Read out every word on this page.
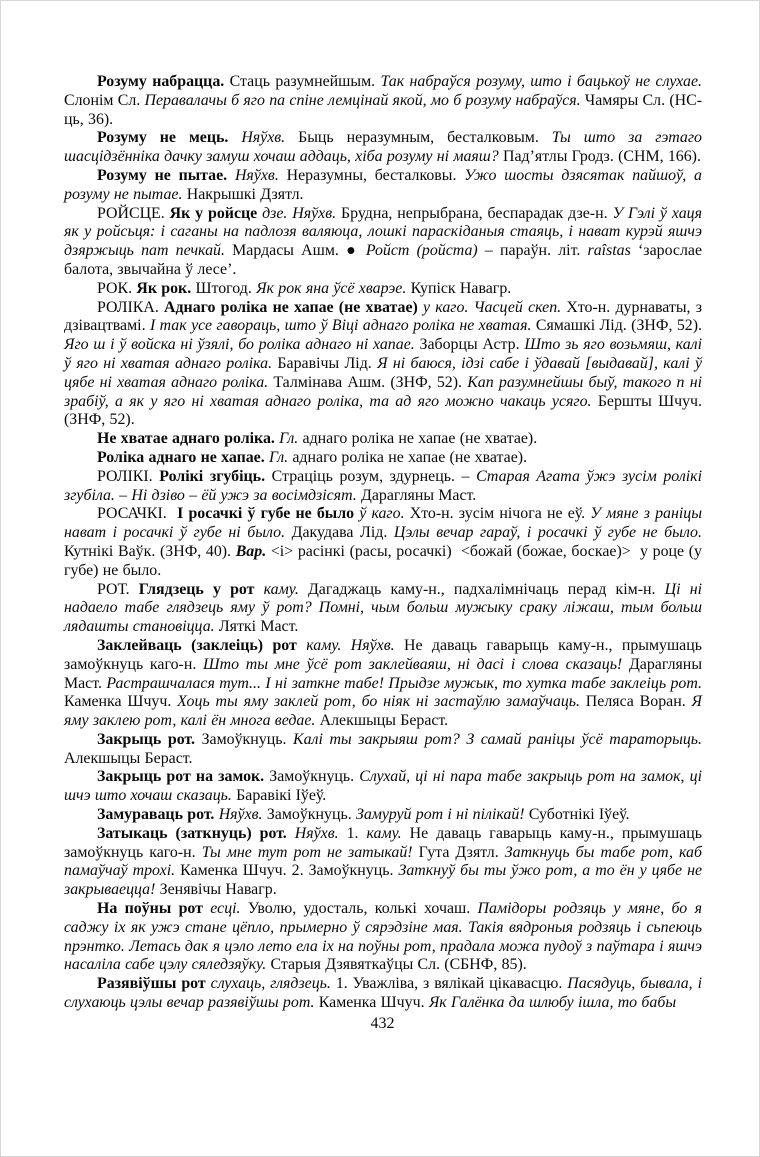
Розуму набрацца. Стаць разумнейшым. Так набраўся розуму, што і бацькоў не слухае. Слонім Сл. Перавалачы б яго па спіне лемцінай якой, мо б розуму набраўся. Чамяры Сл. (НС-ць, 36).

Розуму не мець. Няўхв. Быць неразумным, бесталковым. Ты што за гэтаго шасцідзённіка дачку замуш хочаш аддаць, хіба розуму ні маяш? Пад’ятлы Гродз. (СНМ, 166).

Розуму не пытае. Няўхв. Неразумны, бесталковы. Ужо шосты дзясятак пайшоў, а розуму не пытае. Накрышкі Дзятл.

РОЙСЦЕ. Як у ройсце дзе. Няўхв. Брудна, непрыбрана, беспарадак дзе-н. У Гэлі ў хаця як у ройсьця: і саганы на падлозя валяюца, лошкі параскіданыя стаяць, і нават курэй яшчэ дзяржыць пат печкай. Мардасы Ашм. ● Ройст (ройста) – параўн. літ. raîstas ‘зарослае балота, звычайна ў лесе’.

РОК. Як рок. Штогод. Як рок яна ўсё хварэе. Купіск Навагр.

РОЛІКА. Аднаго роліка не хапае (не хватае) у каго. Часцей скеп. Хто-н. дурнаваты, з дзівацтвамі. І так усе гавораць, што ў Віці аднаго роліка не хватая. Сямашкі Лід. (ЗНФ, 52). Яго ш і ў войска ні ўзялі, бо роліка аднаго ні хапае. Заборцы Астр. Што зь яго возьмяш, калі ў яго ні хватая аднаго роліка. Баравічы Лід. Я ні баюся, ідзі сабе і ўдавай [выдавай], калі ў цябе ні хватая аднаго роліка. Талмінава Ашм. (ЗНФ, 52). Кап разумнейшы быў, такого п ні зрабіў, а як у яго ні хватая аднаго роліка, та ад яго можно чакаць усяго. Бершты Шчуч. (ЗНФ, 52).

Не хватае аднаго роліка. Гл. аднаго роліка не хапае (не хватае).

Роліка аднаго не хапае. Гл. аднаго роліка не хапае (не хватае).

РОЛІКІ. Ролікі згубіць. Страціць розум, здурнець. – Старая Агата ўжэ зусім ролікі згубіла. – Ні дзіво – ёй ужэ за восімдзісят. Дарагляны Маст.

РОСАЧКІ.  І росачкі ў губе не было ў каго. Хто-н. зусім нічога не еў. У мяне з раніцы нават і росачкі ў губе ні было. Дакудава Лід. Цэлы вечар гараў, і росачкі ў губе не было. Кутнікі Ваўк. (ЗНФ, 40). Вар. <і> расінкі (расы, росачкі)  <божай (божае, боскае)>  у роце (у губе) не было.

РОТ. Глядзець у рот каму. Дагаджаць каму-н., падхалімнічаць перад кім-н. Ці ні надаело табе глядзець яму ў рот? Помні, чым больш мужыку сраку ліжаш, тым больш лядашты становіцца. Ляткі Маст.

Заклейваць (заклеіць) рот каму. Няўхв. Не даваць гаварыць каму-н., прымушаць замоўкнуць каго-н. Што ты мне ўсё рот заклейваяш, ні дасі і слова сказаць! Дарагляны Маст. Растрашчалася тут... І ні заткне табе! Прыдзе мужык, то хутка табе заклеіць рот. Каменка Шчуч. Хоць ты яму заклей рот, бо ніяк ні застаўлю замаўчаць. Пеляса Воран. Я яму заклею рот, калі ён многа ведае. Алекшыцы Бераст.

Закрыць рот. Замоўкнуць. Калі ты закрыяш рот? З самай раніцы ўсё тараторыць. Алекшыцы Бераст.

Закрыць рот на замок. Замоўкнуць. Слухай, ці ні пара табе закрыць рот на замок, ці шчэ што хочаш сказаць. Баравікі Іўеў.

Замураваць рот. Няўхв. Замоўкнуць. Замуруй рот і ні пілікай! Суботнікі Іўеў.

Затыкаць (заткнуць) рот. Няўхв. 1. каму. Не даваць гаварыць каму-н., прымушаць замоўкнуць каго-н. Ты мне тут рот не затыкай! Гута Дзятл. Заткнуць бы табе рот, каб памаўчаў трохі. Каменка Шчуч. 2. Замоўкнуць. Заткнуў бы ты ўжо рот, а то ён у цябе не закрываецца! Зенявічы Навагр.

На поўны рот есці. Уволю, удосталь, колькі хочаш. Памідоры родзяць у мяне, бо я саджу іх як ужэ стане цёпло, прымерно ў сярэдзіне мая. Такія вядроныя родзяць і сьпеюць прэнтко. Летась дак я цэло лето ела іх на поўны рот, прадала можа пудоў з паўтара і яшчэ насаліла сабе цэлу сяледзяўку. Старыя Дзявяткаўцы Сл. (СБНФ, 85).

Разявіўшы рот слухаць, глядзець. 1. Уважліва, з вялікай цікавасцю. Пасядуць, бывала, і слухаюць цэлы вечар разявіўшы рот. Каменка Шчуч. Як Галёнка да шлюбу ішла, то бабы

432
